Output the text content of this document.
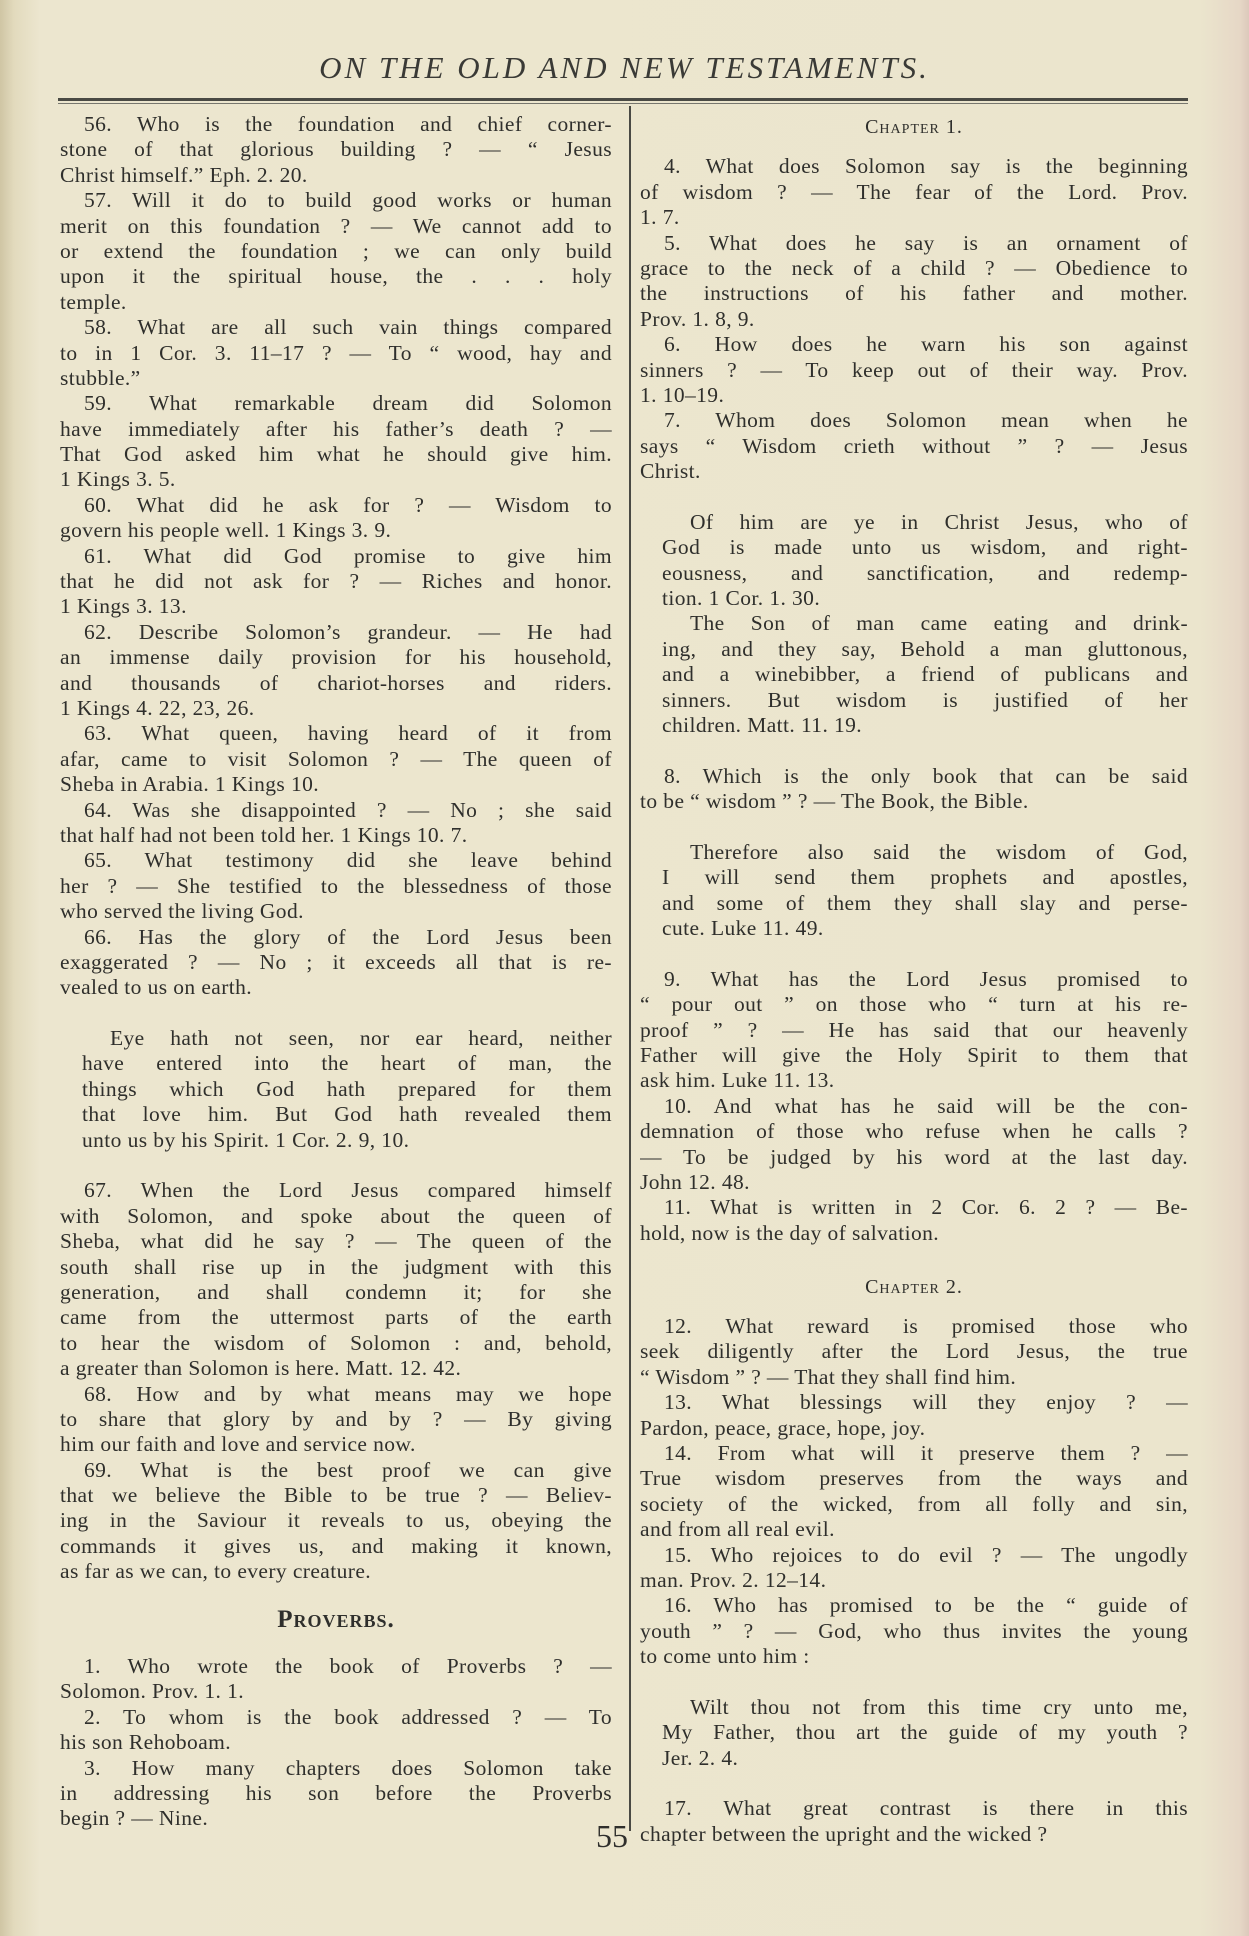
ON THE OLD AND NEW TESTAMENTS.
56. Who is the foundation and chief corner-
stone of that glorious building ? — “ Jesus
Christ himself.” Eph. 2. 20.
57. Will it do to build good works or human
merit on this foundation ? — We cannot add to
or extend the foundation ; we can only build
upon it the spiritual house, the . . . holy
temple.
58. What are all such vain things compared
to in 1 Cor. 3. 11–17 ? — To “ wood, hay and
stubble.”
59. What remarkable dream did Solomon
have immediately after his father’s death ? —
That God asked him what he should give him.
1 Kings 3. 5.
60. What did he ask for ? — Wisdom to
govern his people well. 1 Kings 3. 9.
61. What did God promise to give him
that he did not ask for ? — Riches and honor.
1 Kings 3. 13.
62. Describe Solomon’s grandeur. — He had
an immense daily provision for his household,
and thousands of chariot-horses and riders.
1 Kings 4. 22, 23, 26.
63. What queen, having heard of it from
afar, came to visit Solomon ? — The queen of
Sheba in Arabia. 1 Kings 10.
64. Was she disappointed ? — No ; she said
that half had not been told her. 1 Kings 10. 7.
65. What testimony did she leave behind
her ? — She testified to the blessedness of those
who served the living God.
66. Has the glory of the Lord Jesus been
exaggerated ? — No ; it exceeds all that is re-
vealed to us on earth.
Eye hath not seen, nor ear heard, neither
have entered into the heart of man, the
things which God hath prepared for them
that love him. But God hath revealed them
unto us by his Spirit. 1 Cor. 2. 9, 10.
67. When the Lord Jesus compared himself
with Solomon, and spoke about the queen of
Sheba, what did he say ? — The queen of the
south shall rise up in the judgment with this
generation, and shall condemn it; for she
came from the uttermost parts of the earth
to hear the wisdom of Solomon : and, behold,
a greater than Solomon is here. Matt. 12. 42.
68. How and by what means may we hope
to share that glory by and by ? — By giving
him our faith and love and service now.
69. What is the best proof we can give
that we believe the Bible to be true ? — Believ-
ing in the Saviour it reveals to us, obeying the
commands it gives us, and making it known,
as far as we can, to every creature.
Proverbs.
1. Who wrote the book of Proverbs ? —
Solomon. Prov. 1. 1.
2. To whom is the book addressed ? — To
his son Rehoboam.
3. How many chapters does Solomon take
in addressing his son before the Proverbs
begin ? — Nine.
Chapter 1.
4. What does Solomon say is the beginning
of wisdom ? — The fear of the Lord. Prov.
1. 7.
5. What does he say is an ornament of
grace to the neck of a child ? — Obedience to
the instructions of his father and mother.
Prov. 1. 8, 9.
6. How does he warn his son against
sinners ? — To keep out of their way. Prov.
1. 10–19.
7. Whom does Solomon mean when he
says “ Wisdom crieth without ” ? — Jesus
Christ.
Of him are ye in Christ Jesus, who of
God is made unto us wisdom, and right-
eousness, and sanctification, and redemp-
tion. 1 Cor. 1. 30.
The Son of man came eating and drink-
ing, and they say, Behold a man gluttonous,
and a winebibber, a friend of publicans and
sinners. But wisdom is justified of her
children. Matt. 11. 19.
8. Which is the only book that can be said
to be “ wisdom ” ? — The Book, the Bible.
Therefore also said the wisdom of God,
I will send them prophets and apostles,
and some of them they shall slay and perse-
cute. Luke 11. 49.
9. What has the Lord Jesus promised to
“ pour out ” on those who “ turn at his re-
proof ” ? — He has said that our heavenly
Father will give the Holy Spirit to them that
ask him. Luke 11. 13.
10. And what has he said will be the con-
demnation of those who refuse when he calls ?
— To be judged by his word at the last day.
John 12. 48.
11. What is written in 2 Cor. 6. 2 ? — Be-
hold, now is the day of salvation.
Chapter 2.
12. What reward is promised those who
seek diligently after the Lord Jesus, the true
“ Wisdom ” ? — That they shall find him.
13. What blessings will they enjoy ? —
Pardon, peace, grace, hope, joy.
14. From what will it preserve them ? —
True wisdom preserves from the ways and
society of the wicked, from all folly and sin,
and from all real evil.
15. Who rejoices to do evil ? — The ungodly
man. Prov. 2. 12–14.
16. Who has promised to be the “ guide of
youth ” ? — God, who thus invites the young
to come unto him :
Wilt thou not from this time cry unto me,
My Father, thou art the guide of my youth ?
Jer. 2. 4.
17. What great contrast is there in this
chapter between the upright and the wicked ?
55
